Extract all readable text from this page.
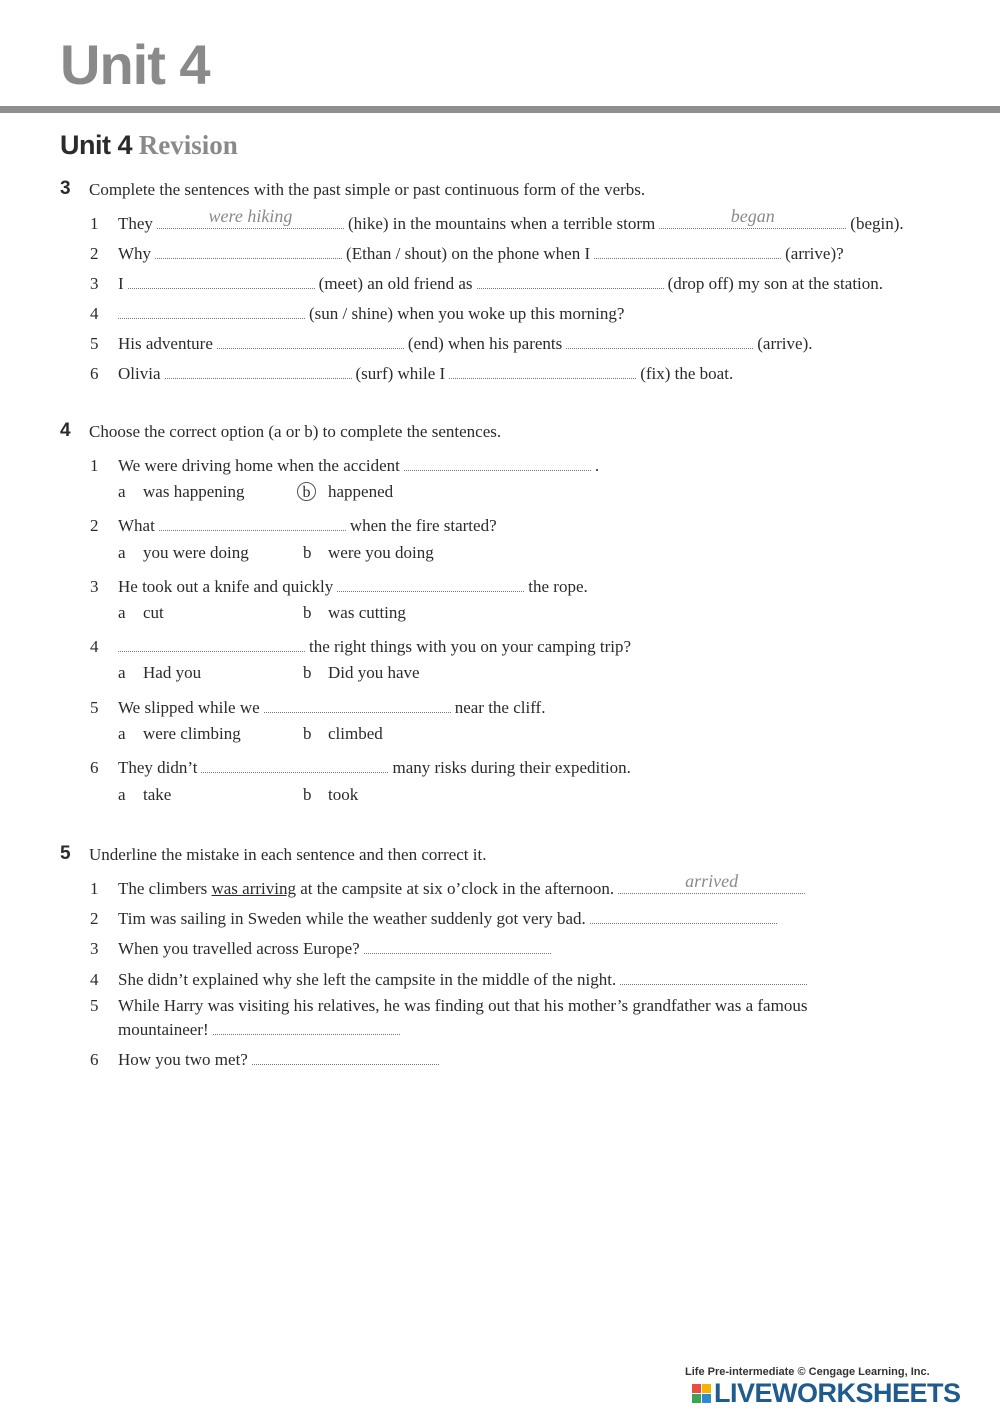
Unit 4
Unit 4 Revision
3 Complete the sentences with the past simple or past continuous form of the verbs.
1 They	were hiking	(hike) in the mountains when a terrible storm	began	(begin).
2 Why	(Ethan / shout) on the phone when I	(arrive)?
3 I	(meet) an old friend as	(drop off) my son at the station.
4	(sun / shine) when you woke up this morning?
5 His adventure	(end) when his parents	(arrive).
6 Olivia	(surf) while I	(fix) the boat.
4 Choose the correct option (a or b) to complete the sentences.
1 We were driving home when the accident	.
a was happening	b happened
2 What	when the fire started?
a you were doing	b were you doing
3 He took out a knife and quickly	the rope.
a cut	b was cutting
4	the right things with you on your camping trip?
a Had you	b Did you have
5 We slipped while we	near the cliff.
a were climbing	b climbed
6 They didn’t	many risks during their expedition.
a take	b took
5 Underline the mistake in each sentence and then correct it.
1 The climbers was arriving at the campsite at six o’clock in the afternoon.	arrived
2 Tim was sailing in Sweden while the weather suddenly got very bad.
3 When you travelled across Europe?
4 She didn’t explained why she left the campsite in the middle of the night.
5	While Harry was visiting his relatives, he was finding out that his mother’s grandfather was a famous mountaineer!
6 How you two met?
Life Pre-intermediate © Cengage Learning, Inc.
LIVEWORKSHEETS
